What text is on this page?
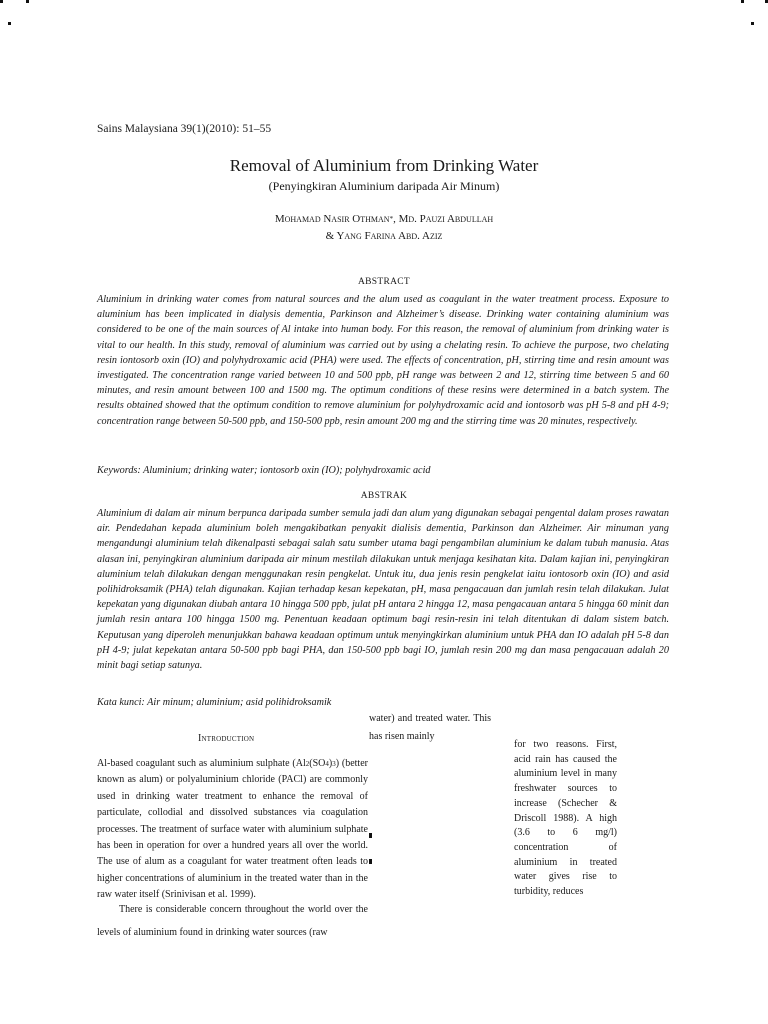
Sains Malaysiana 39(1)(2010): 51–55
Removal of Aluminium from Drinking Water
(Penyingkiran Aluminium daripada Air Minum)
Mohamad Nasir Othman*, Md. Pauzi Abdullah
& Yang Farina Abd. Aziz
ABSTRACT
Aluminium in drinking water comes from natural sources and the alum used as coagulant in the water treatment process. Exposure to aluminium has been implicated in dialysis dementia, Parkinson and Alzheimer’s disease. Drinking water containing aluminium was considered to be one of the main sources of Al intake into human body. For this reason, the removal of aluminium from drinking water is vital to our health. In this study, removal of aluminium was carried out by using a chelating resin. To achieve the purpose, two chelating resin iontosorb oxin (IO) and polyhydroxamic acid (PHA) were used. The effects of concentration, pH, stirring time and resin amount was investigated. The concentration range varied between 10 and 500 ppb, pH range was between 2 and 12, stirring time between 5 and 60 minutes, and resin amount between 100 and 1500 mg. The optimum conditions of these resins were determined in a batch system. The results obtained showed that the optimum condition to remove aluminium for polyhydroxamic acid and iontosorb was pH 5-8 and pH 4-9; concentration range between 50-500 ppb, and 150-500 ppb, resin amount 200 mg and the stirring time was 20 minutes, respectively.
Keywords: Aluminium; drinking water; iontosorb oxin (IO); polyhydroxamic acid
ABSTRAK
Aluminium di dalam air minum berpunca daripada sumber semula jadi dan alum yang digunakan sebagai pengental dalam proses rawatan air. Pendedahan kepada aluminium boleh mengakibatkan penyakit dialisis dementia, Parkinson dan Alzheimer. Air minuman yang mengandungi aluminium telah dikenalpasti sebagai salah satu sumber utama bagi pengambilan aluminium ke dalam tubuh manusia. Atas alasan ini, penyingkiran aluminium daripada air minum mestilah dilakukan untuk menjaga kesihatan kita. Dalam kajian ini, penyingkiran aluminium telah dilakukan dengan menggunakan resin pengkelat. Untuk itu, dua jenis resin pengkelat iaitu iontosorb oxin (IO) and asid polihidroksamik (PHA) telah digunakan. Kajian terhadap kesan kepekatan, pH, masa pengacauan dan jumlah resin telah dilakukan. Julat kepekatan yang digunakan diubah antara 10 hingga 500 ppb, julat pH antara 2 hingga 12, masa pengacauan antara 5 hingga 60 minit dan jumlah resin antara 100 hingga 1500 mg. Penentuan keadaan optimum bagi resin-resin ini telah ditentukan di dalam sistem batch. Keputusan yang diperoleh menunjukkan bahawa keadaan optimum untuk menyingkirkan aluminium untuk PHA dan IO adalah pH 5-8 dan pH 4-9; julat kepekatan antara 50-500 ppb bagi PHA, dan 150-500 ppb bagi IO, jumlah resin 200 mg dan masa pengacauan adalah 20 minit bagi setiap satunya.
Kata kunci: Air minum; aluminium; asid polihidroksamik
Introduction
Al-based coagulant such as aluminium sulphate $(Al^2(SO^4)^3)$ (better known as alum) or polyaluminium chloride (PACl) are commonly used in drinking water treatment to enhance the removal of particulate, collodial and dissolved substances via coagulation processes. The treatment of surface water with aluminium sulphate has been in operation for over a hundred years all over the world. The use of alum as a coagulant for water treatment often leads to higher concentrations of aluminium in the treated water than in the raw water itself (Srinivisan et al. 1999).
There is considerable concern throughout the world over the levels of aluminium found in drinking water sources (raw
water) and treated water. This has risen mainly
for two reasons. First, acid rain has caused the aluminium level in many freshwater sources to increase (Schecher & Driscoll 1988). A high (3.6 to 6 mg/l) concentration of aluminium in treated water gives rise to turbidity, reduces
